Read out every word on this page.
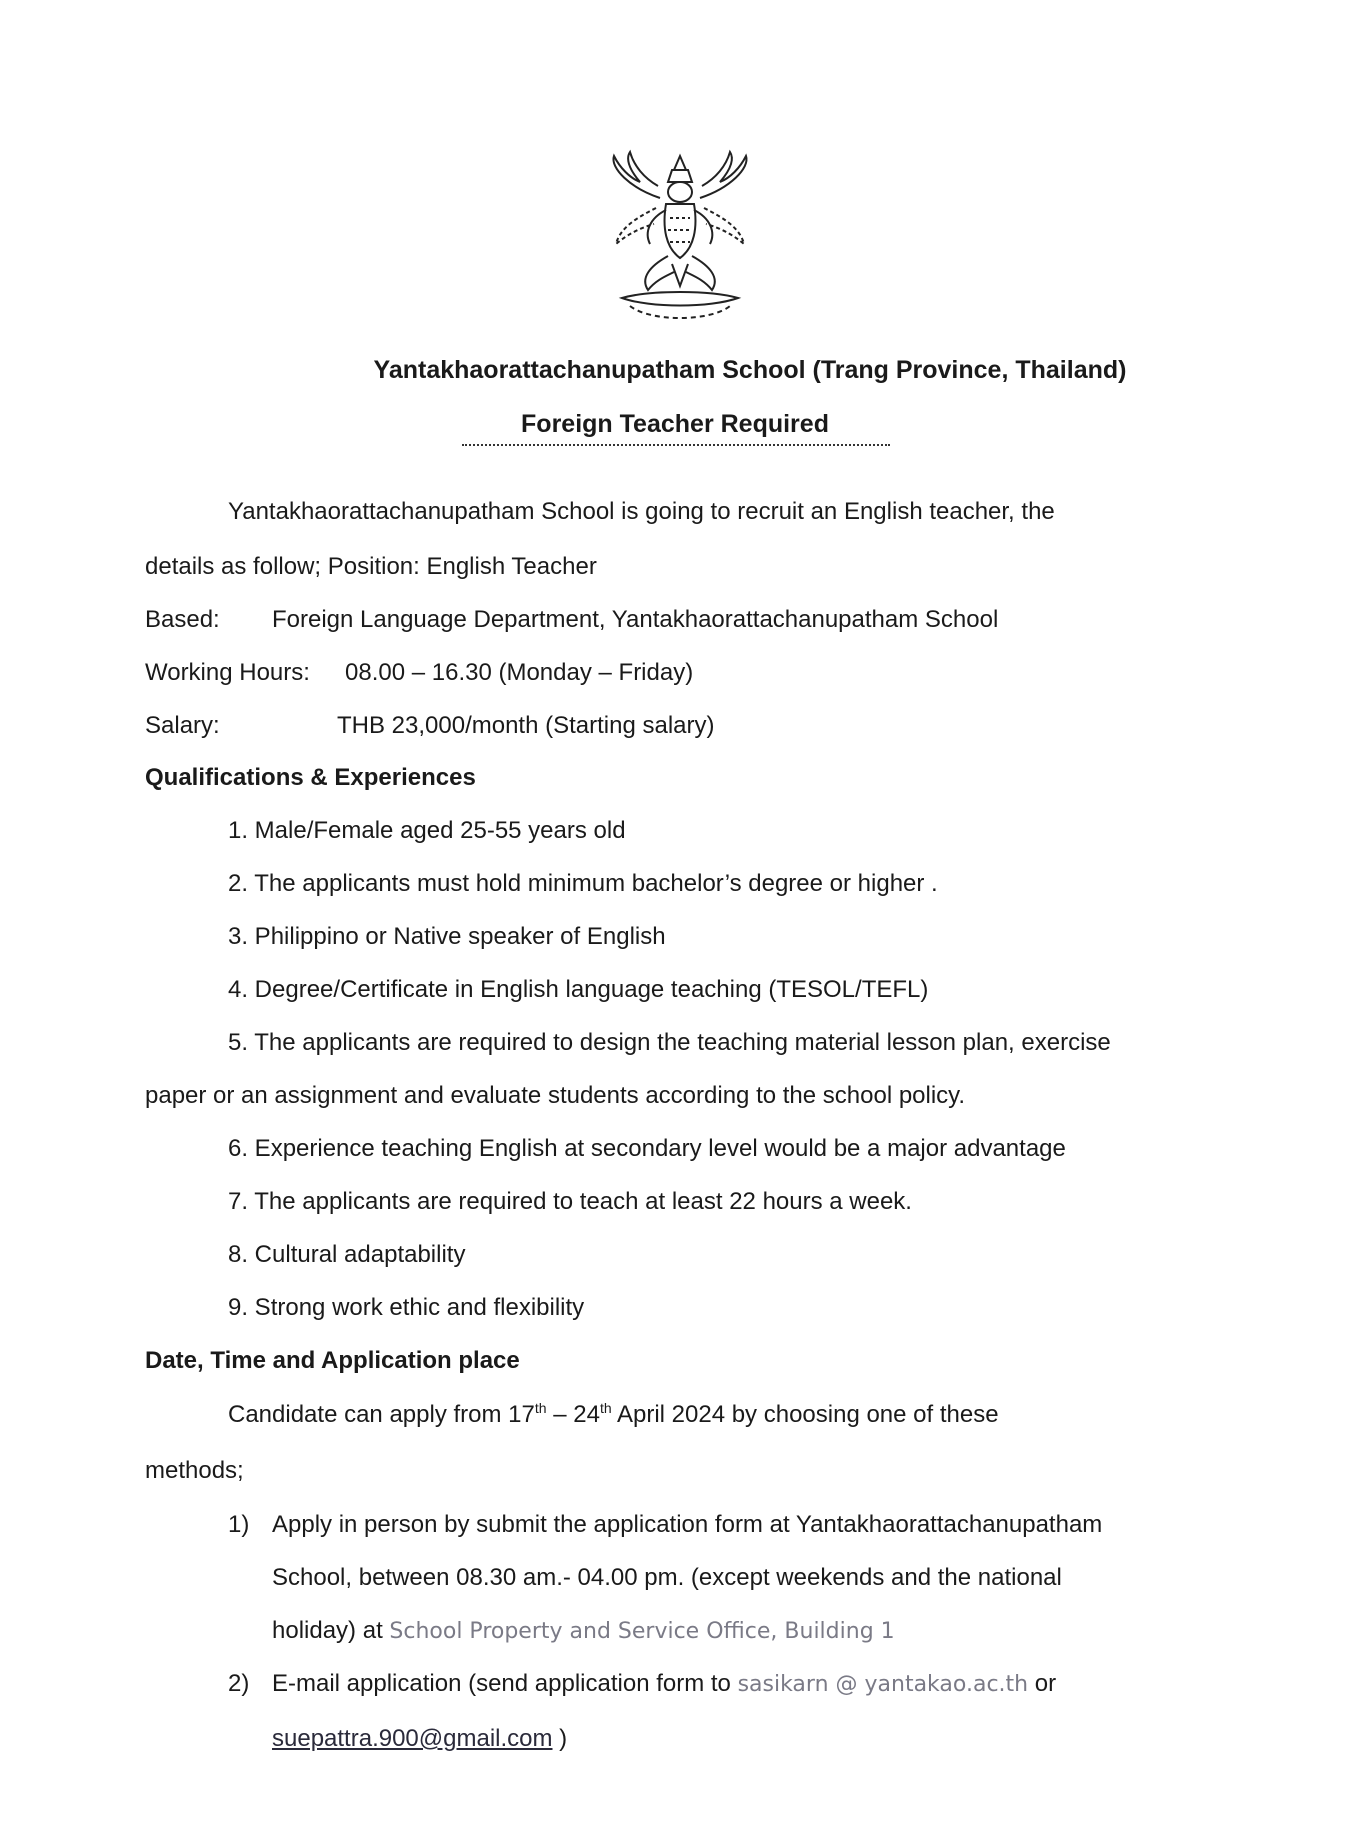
Yantakhaorattachanupatham School (Trang Province, Thailand)
Foreign Teacher Required
Yantakhaorattachanupatham School is going to recruit an English teacher, the
details as follow; Position: English Teacher
Based: Foreign Language Department, Yantakhaorattachanupatham School
Working Hours: 08.00 – 16.30 (Monday – Friday)
Salary:	THB 23,000/month (Starting salary)
Qualifications & Experiences
1. Male/Female aged 25-55 years old
2. The applicants must hold minimum bachelor’s degree or higher .
3. Philippino or Native speaker of English
4. Degree/Certificate in English language teaching (TESOL/TEFL)
5. The applicants are required to design the teaching material lesson plan, exercise
paper or an assignment and evaluate students according to the school policy.
6. Experience teaching English at secondary level would be a major advantage
7. The applicants are required to teach at least 22 hours a week.
8. Cultural adaptability
9. Strong work ethic and flexibility
Date, Time and Application place
Candidate can apply from 17th – 24th April 2024 by choosing one of these
methods;
1) Apply in person by submit the application form at Yantakhaorattachanupatham
School, between 08.30 am.- 04.00 pm. (except weekends and the national
holiday) at School Property and Service Office, Building 1
2) E-mail application (send application form to sasikarn @ yantakao.ac.th or
suepattra.900@gmail.com )
